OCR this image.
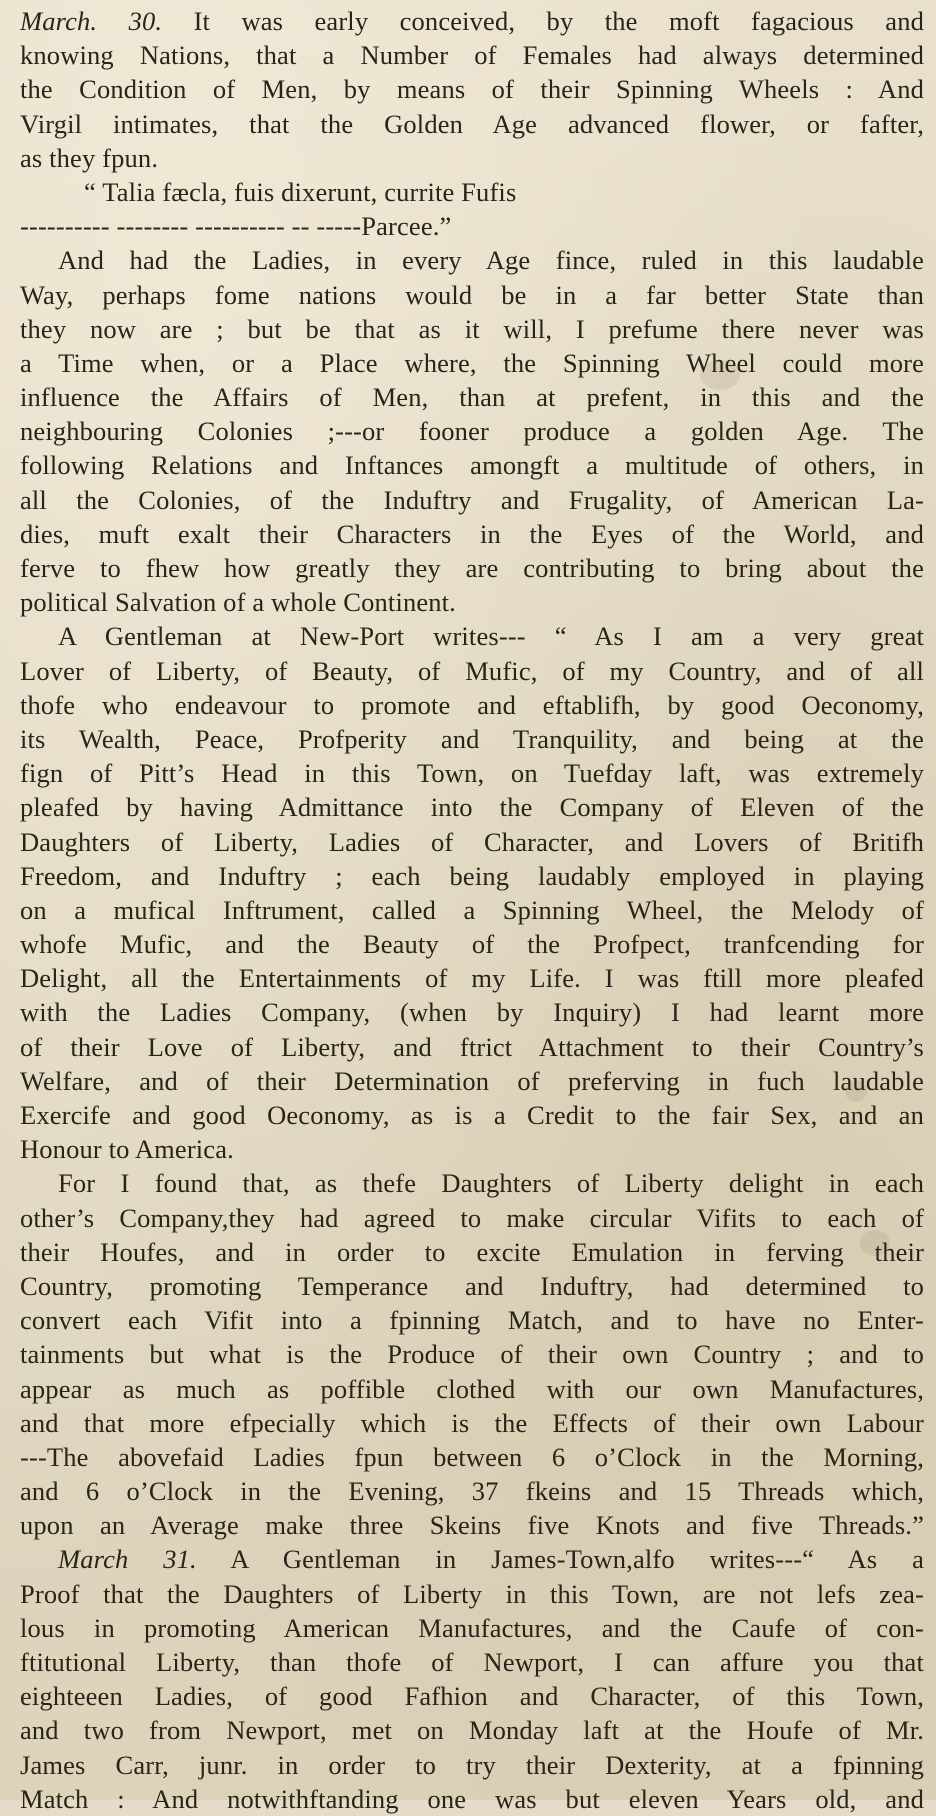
March. 30. It was early conceived, by the moft fagacious and
knowing Nations, that a Number of Females had always determined
the Condition of Men, by means of their Spinning Wheels : And
Virgil intimates, that the Golden Age advanced flower, or fafter,
as they fpun.
“ Talia fæcla, fuis dixerunt, currite Fufis
---------- -------- ---------- -- -----Parcee.”
And had the Ladies, in every Age fince, ruled in this laudable
Way, perhaps fome nations would be in a far better State than
they now are ; but be that as it will, I prefume there never was
a Time when, or a Place where, the Spinning Wheel could more
influence the Affairs of Men, than at prefent, in this and the
neighbouring Colonies ;---or fooner produce a golden Age. The
following Relations and Inftances amongft a multitude of others, in
all the Colonies, of the Induftry and Frugality, of American La-
dies, muft exalt their Characters in the Eyes of the World, and
ferve to fhew how greatly they are contributing to bring about the
political Salvation of a whole Continent.
A Gentleman at New-Port writes--- “ As I am a very great
Lover of Liberty, of Beauty, of Mufic, of my Country, and of all
thofe who endeavour to promote and eftablifh, by good Oeconomy,
its Wealth, Peace, Profperity and Tranquility, and being at the
fign of Pitt’s Head in this Town, on Tuefday laft, was extremely
pleafed by having Admittance into the Company of Eleven of the
Daughters of Liberty, Ladies of Character, and Lovers of Britifh
Freedom, and Induftry ; each being laudably employed in playing
on a mufical Inftrument, called a Spinning Wheel, the Melody of
whofe Mufic, and the Beauty of the Profpect, tranfcending for
Delight, all the Entertainments of my Life. I was ftill more pleafed
with the Ladies Company, (when by Inquiry) I had learnt more
of their Love of Liberty, and ftrict Attachment to their Country’s
Welfare, and of their Determination of preferving in fuch laudable
Exercife and good Oeconomy, as is a Credit to the fair Sex, and an
Honour to America.
For I found that, as thefe Daughters of Liberty delight in each
other’s Company,they had agreed to make circular Vifits to each of
their Houfes, and in order to excite Emulation in ferving their
Country, promoting Temperance and Induftry, had determined to
convert each Vifit into a fpinning Match, and to have no Enter-
tainments but what is the Produce of their own Country ; and to
appear as much as poffible clothed with our own Manufactures,
and that more efpecially which is the Effects of their own Labour
---The abovefaid Ladies fpun between 6 o’Clock in the Morning,
and 6 o’Clock in the Evening, 37 fkeins and 15 Threads which,
upon an Average make three Skeins five Knots and five Threads.”
March 31. A Gentleman in James-Town,alfo writes---“ As a
Proof that the Daughters of Liberty in this Town, are not lefs zea-
lous in promoting American Manufactures, and the Caufe of con-
ftitutional Liberty, than thofe of Newport, I can affure you that
eighteeen Ladies, of good Fafhion and Character, of this Town,
and two from Newport, met on Monday laft at the Houfe of Mr.
James Carr, junr. in order to try their Dexterity, at a fpinning
Match : And notwithftanding one was but eleven Years old, and
